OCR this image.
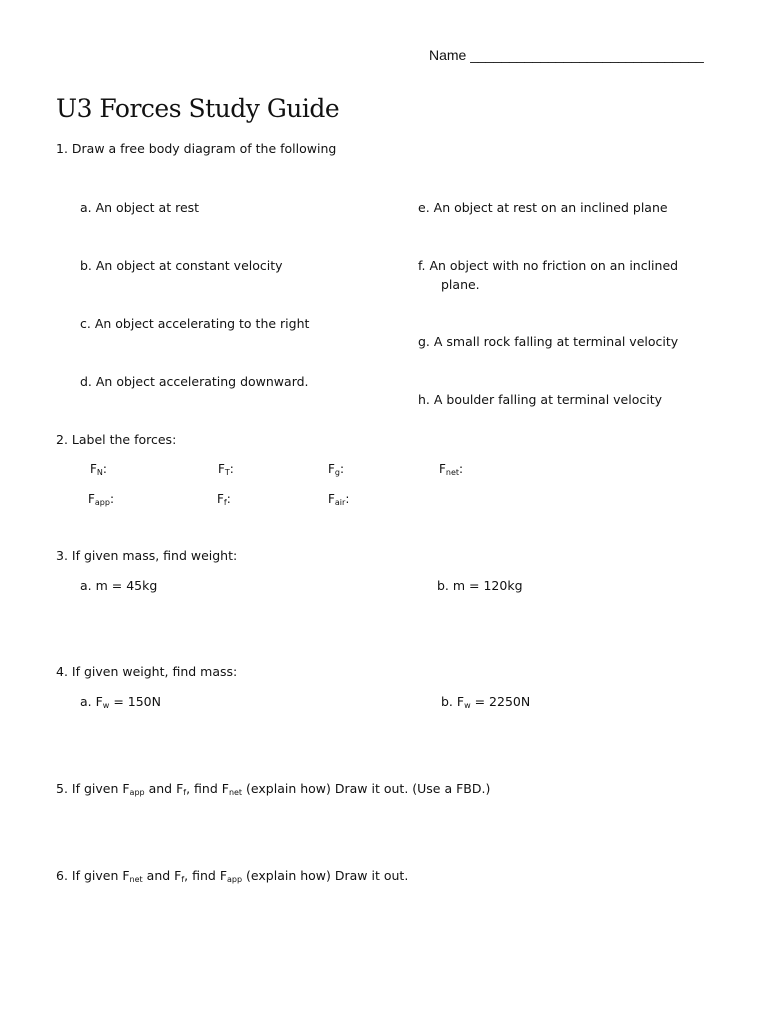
Name ______________________________
U3 Forces Study Guide
1. Draw a free body diagram of the following
a. An object at rest
b. An object at constant velocity
c. An object accelerating to the right
d. An object accelerating downward.
e. An object at rest on an inclined plane
f. An object with no friction on an inclined
plane.
g. A small rock falling at terminal velocity
h. A boulder falling at terminal velocity
2. Label the forces:
$F_N$:	$F_T$:	$F_g$:	$F_{net}$:
$F_{app}$:	$F_f$:	$F_{air}$:
3. If given mass, find weight:
a. m = 45kg	b. m = 120kg
4. If given weight, find mass:
a. $F_w = 150N$	b. $F_w = 2250N$
5. If given $F_{app}$ and $F_f$, find $F_{net}$ (explain how) Draw it out. (Use a FBD.)
6. If given $F_{net}$ and $F_f$, find $F_{app}$ (explain how) Draw it out.
